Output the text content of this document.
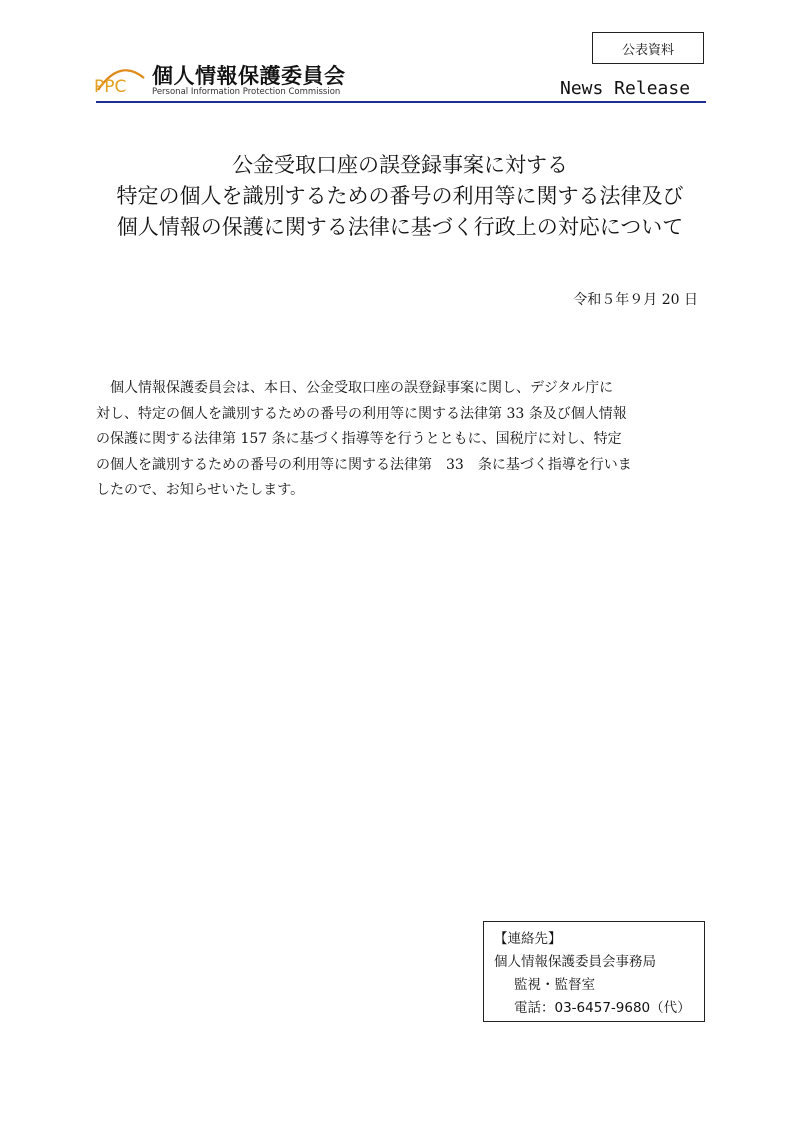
公表資料
PPC 個人情報保護委員会
Personal Information Protection Commission	News Release
公金受取口座の誤登録事案に対する
特定の個人を識別するための番号の利用等に関する法律及び
個人情報の保護に関する法律に基づく行政上の対応について
令和５年９月 20 日
　個人情報保護委員会は、本日、公金受取口座の誤登録事案に関し、デジタル庁に
対し、特定の個人を識別するための番号の利用等に関する法律第 33 条及び個人情報
の保護に関する法律第 157 条に基づく指導等を行うとともに、国税庁に対し、特定
の個人を識別するための番号の利用等に関する法律第　33　条に基づく指導を行いま
したので、お知らせいたします。
【連絡先】
個人情報保護委員会事務局
監視・監督室
電話：03-6457-9680（代）
